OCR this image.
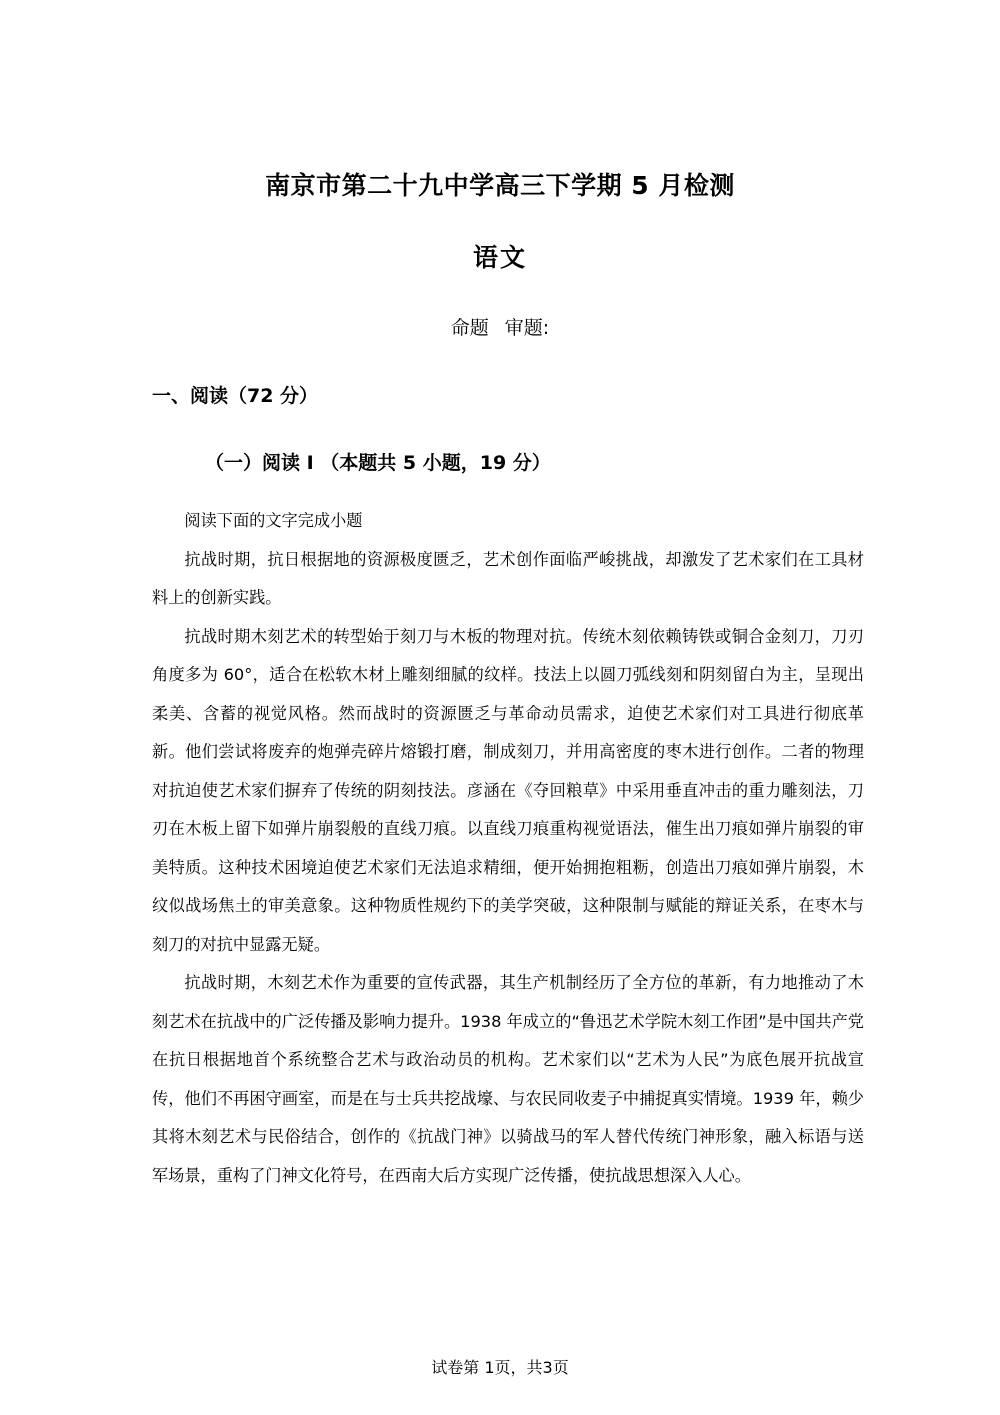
南京市第二十九中学高三下学期 5 月检测
语文
命题 审题:
一、阅读（72 分）
（一）阅读 I （本题共 5 小题，19 分）

阅读下面的文字完成小题

抗战时期，抗日根据地的资源极度匮乏，艺术创作面临严峻挑战，却激发了艺术家们在工具材料上的创新实践。

抗战时期木刻艺术的转型始于刻刀与木板的物理对抗。传统木刻依赖铸铁或铜合金刻刀，刀刃角度多为 60°，适合在松软木材上雕刻细腻的纹样。技法上以圆刀弧线刻和阴刻留白为主，呈现出柔美、含蓄的视觉风格。然而战时的资源匮乏与革命动员需求，迫使艺术家们对工具进行彻底革新。他们尝试将废弃的炮弹壳碎片熔锻打磨，制成刻刀，并用高密度的枣木进行创作。二者的物理对抗迫使艺术家们摒弃了传统的阴刻技法。彦涵在《夺回粮草》中采用垂直冲击的重力雕刻法，刀刃在木板上留下如弹片崩裂般的直线刀痕。以直线刀痕重构视觉语法，催生出刀痕如弹片崩裂的审美特质。这种技术困境迫使艺术家们无法追求精细，便开始拥抱粗粝，创造出刀痕如弹片崩裂，木纹似战场焦土的审美意象。这种物质性规约下的美学突破，这种限制与赋能的辩证关系，在枣木与刻刀的对抗中显露无疑。

抗战时期，木刻艺术作为重要的宣传武器，其生产机制经历了全方位的革新，有力地推动了木刻艺术在抗战中的广泛传播及影响力提升。1938 年成立的“鲁迅艺术学院木刻工作团”是中国共产党在抗日根据地首个系统整合艺术与政治动员的机构。艺术家们以“艺术为人民”为底色展开抗战宣传，他们不再困守画室，而是在与士兵共挖战壕、与农民同收麦子中捕捉真实情境。1939 年，赖少其将木刻艺术与民俗结合，创作的《抗战门神》以骑战马的军人替代传统门神形象，融入标语与送军场景，重构了门神文化符号，在西南大后方实现广泛传播，使抗战思想深入人心。

试卷第 1页，共3页
